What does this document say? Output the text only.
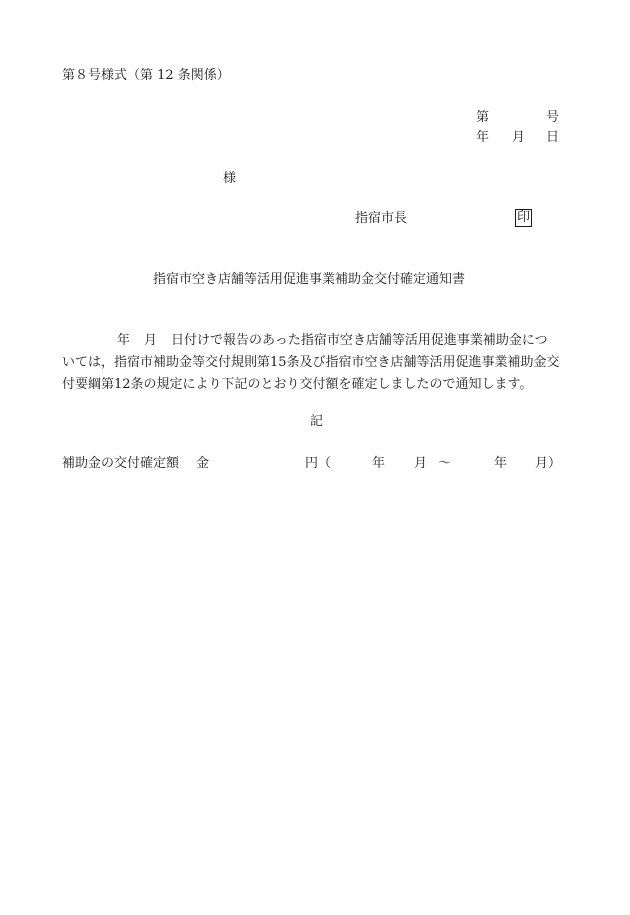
第８号様式（第 12 条関係）
第	号
年 月 日
様
指宿市長	印
指宿市空き店舗等活用促進事業補助金交付確定通知書
年 月 日付けで報告のあった指宿市空き店舗等活用促進事業補助金につ
いては，指宿市補助金等交付規則第15条及び指宿市空き店舗等活用促進事業補助金交
付要綱第12条の規定により下記のとおり交付額を確定しましたので通知します。
記
補助金の交付確定額 金	円（	年 月 〜	年 月）
